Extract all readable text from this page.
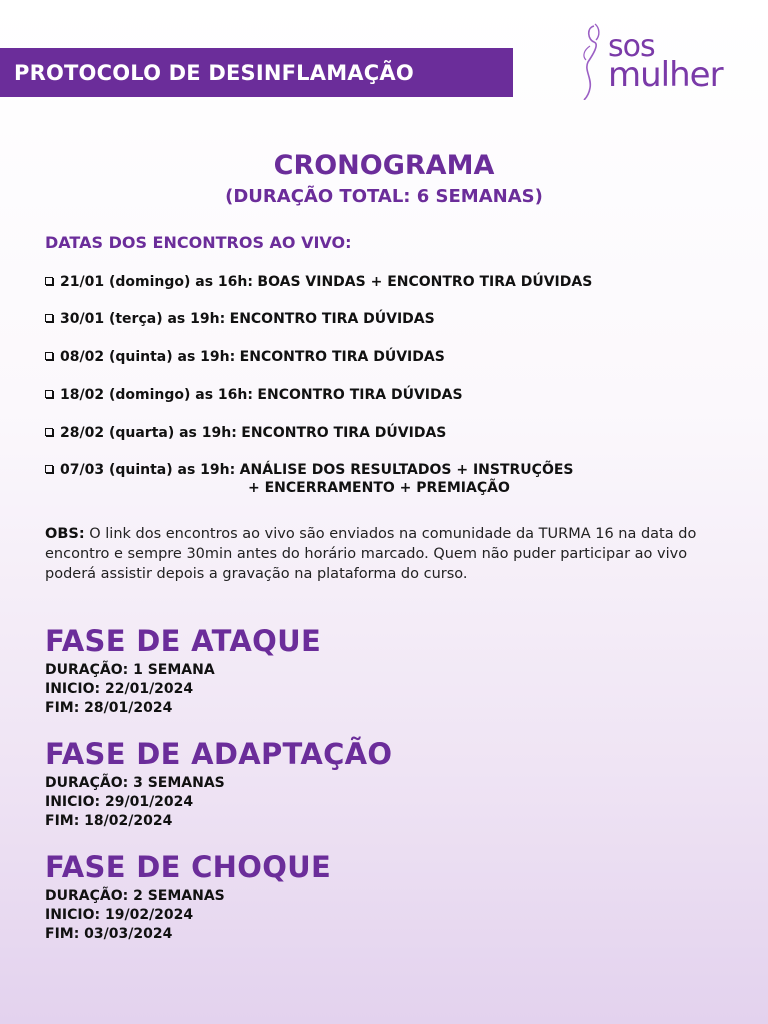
PROTOCOLO DE DESINFLAMAÇÃO
sos
mulher
CRONOGRAMA
(DURAÇÃO TOTAL: 6 SEMANAS)
DATAS DOS ENCONTROS AO VIVO:
21/01 (domingo) as 16h: BOAS VINDAS + ENCONTRO TIRA DÚVIDAS
30/01 (terça) as 19h: ENCONTRO TIRA DÚVIDAS
08/02 (quinta) as 19h: ENCONTRO TIRA DÚVIDAS
18/02 (domingo) as 16h: ENCONTRO TIRA DÚVIDAS
28/02 (quarta) as 19h: ENCONTRO TIRA DÚVIDAS
07/03 (quinta) as 19h: ANÁLISE DOS RESULTADOS + INSTRUÇÕES
+ ENCERRAMENTO + PREMIAÇÃO
OBS: O link dos encontros ao vivo são enviados na comunidade da TURMA 16 na data do encontro e sempre 30min antes do horário marcado. Quem não puder participar ao vivo poderá assistir depois a gravação na plataforma do curso.
FASE DE ATAQUE
DURAÇÃO: 1 SEMANA
INICIO: 22/01/2024
FIM: 28/01/2024
FASE DE ADAPTAÇÃO
DURAÇÃO: 3 SEMANAS
INICIO: 29/01/2024
FIM: 18/02/2024
FASE DE CHOQUE
DURAÇÃO: 2 SEMANAS
INICIO: 19/02/2024
FIM: 03/03/2024
